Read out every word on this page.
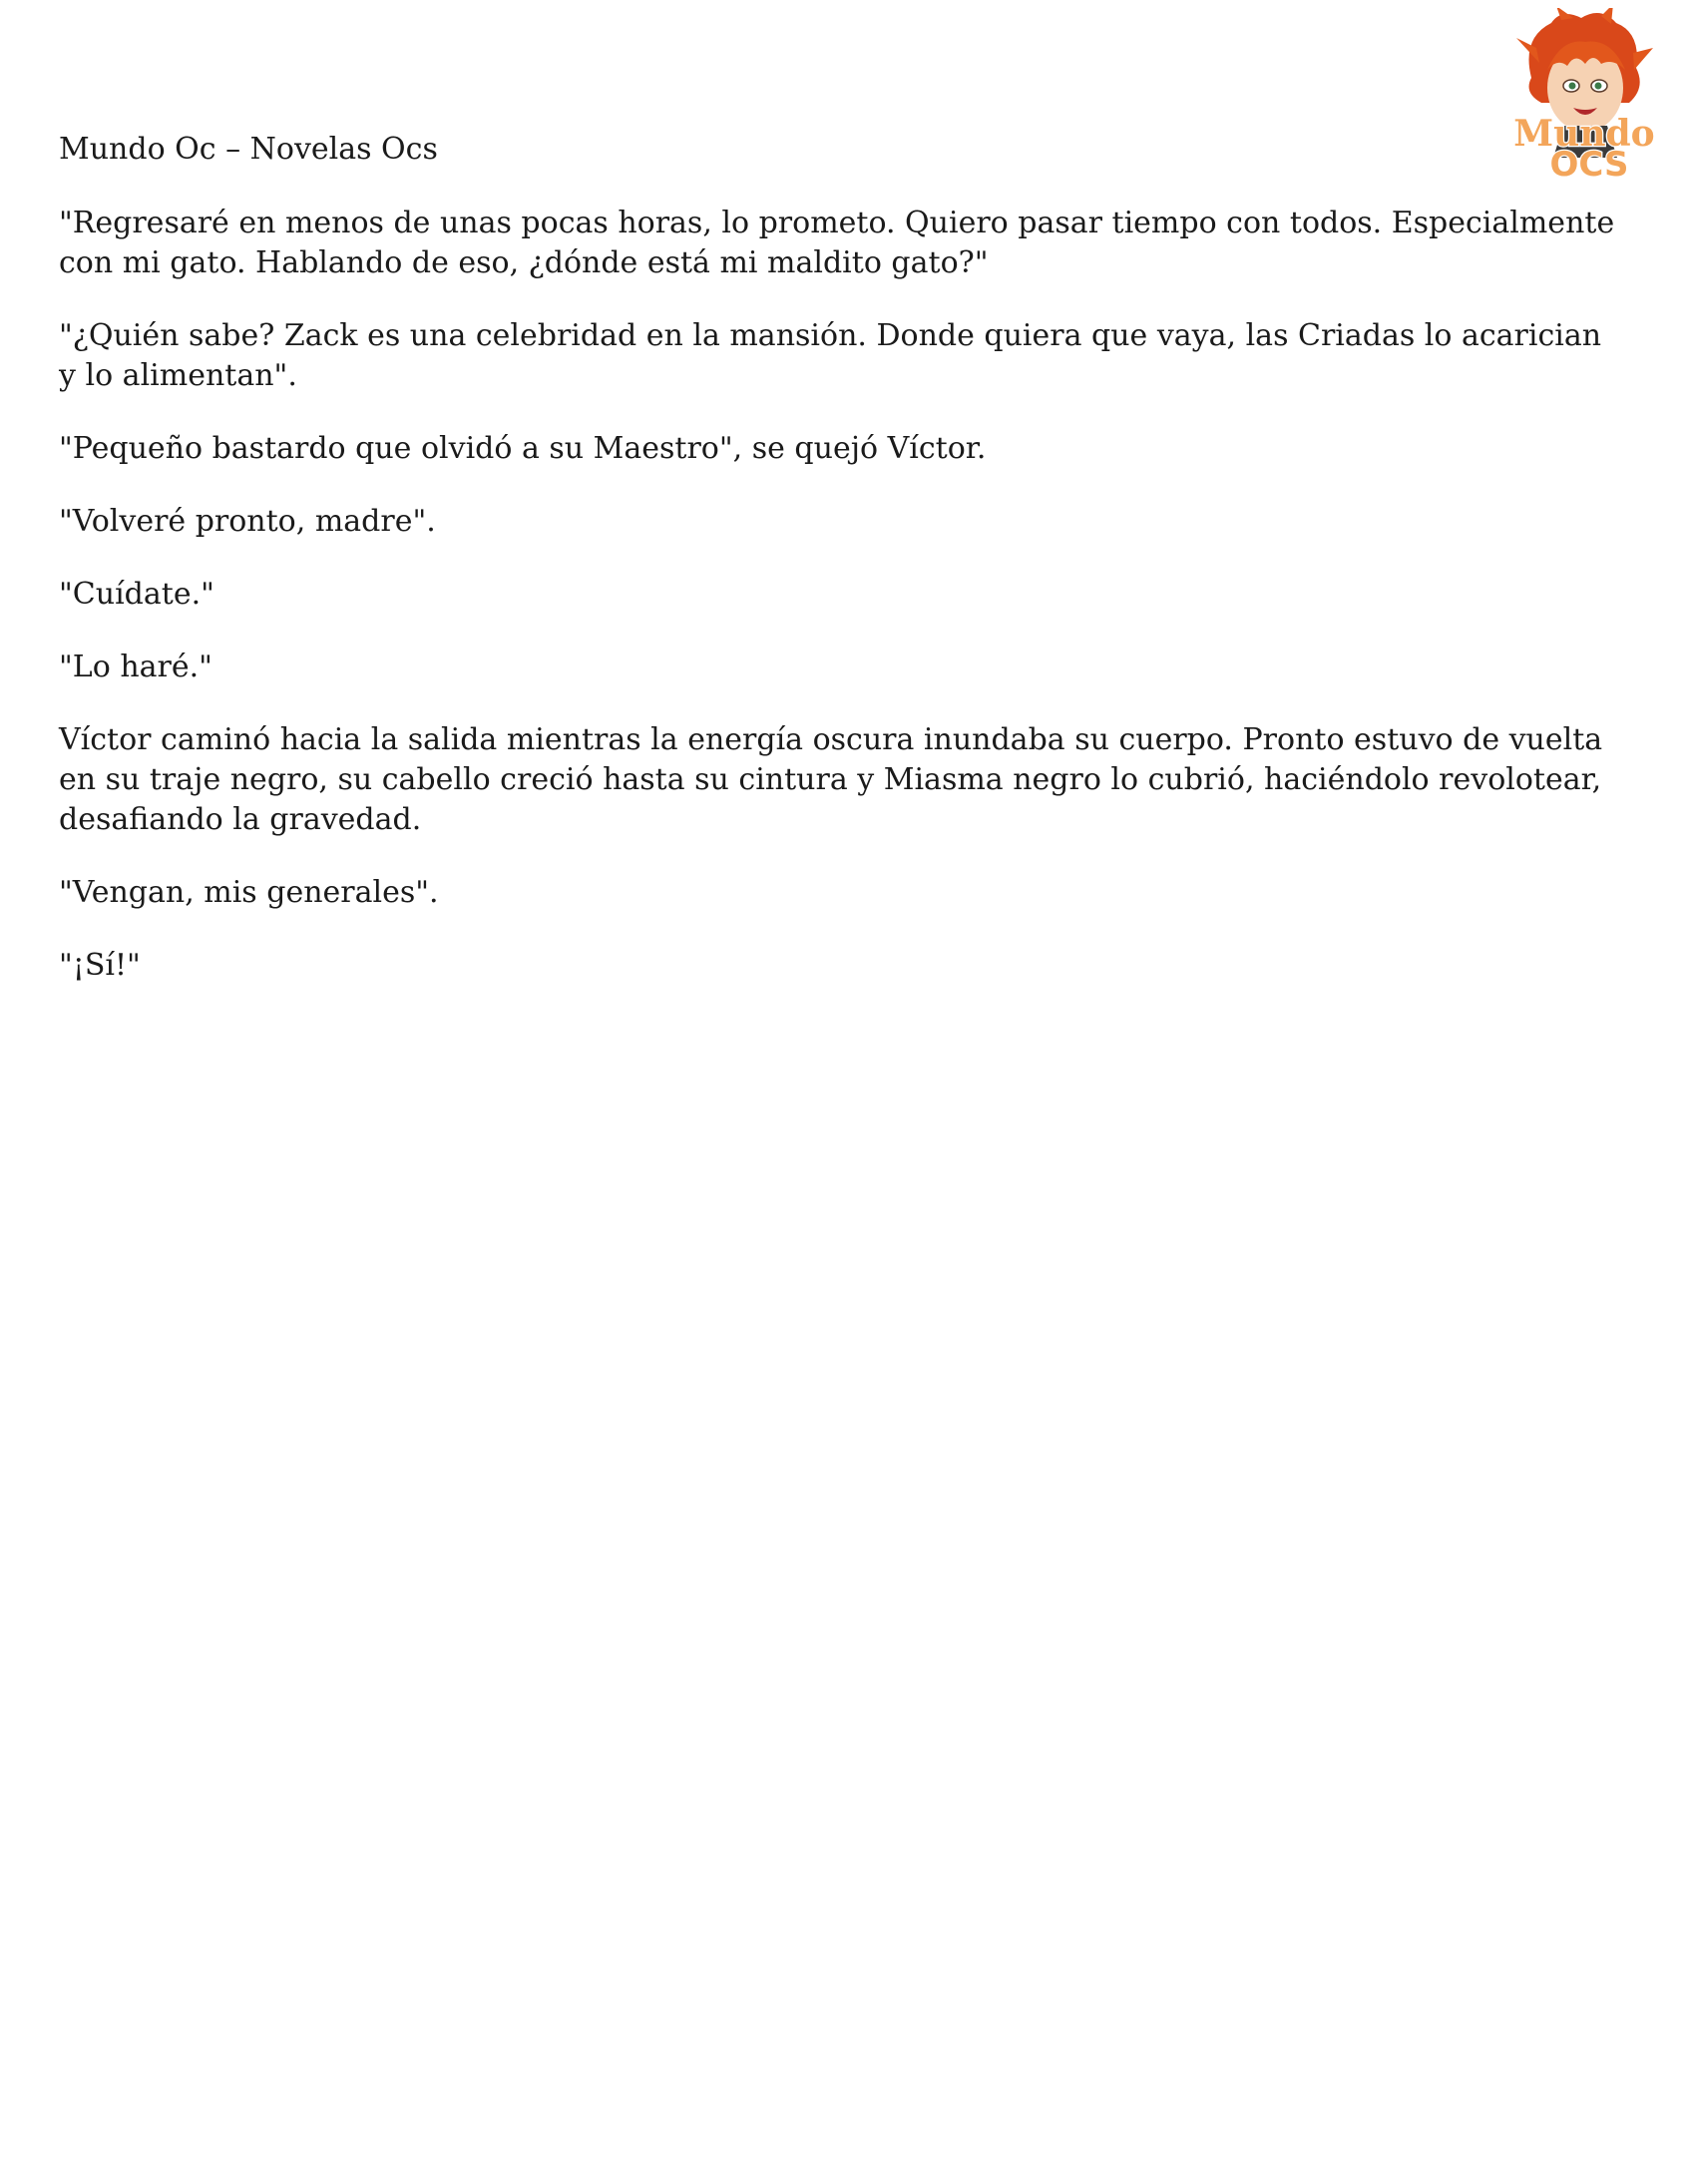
Mundo
OCS
Mundo Oc – Novelas Ocs

"Regresaré en menos de unas pocas horas, lo prometo. Quiero pasar tiempo con todos. Especialmente con mi gato. Hablando de eso, ¿dónde está mi maldito gato?"

"¿Quién sabe? Zack es una celebridad en la mansión. Donde quiera que vaya, las Criadas lo acarician y lo alimentan".

"Pequeño bastardo que olvidó a su Maestro", se quejó Víctor.

"Volveré pronto, madre".

"Cuídate."

"Lo haré."

Víctor caminó hacia la salida mientras la energía oscura inundaba su cuerpo. Pronto estuvo de vuelta en su traje negro, su cabello creció hasta su cintura y Miasma negro lo cubrió, haciéndolo revolotear, desafiando la gravedad.

"Vengan, mis generales".

"¡Sí!"
